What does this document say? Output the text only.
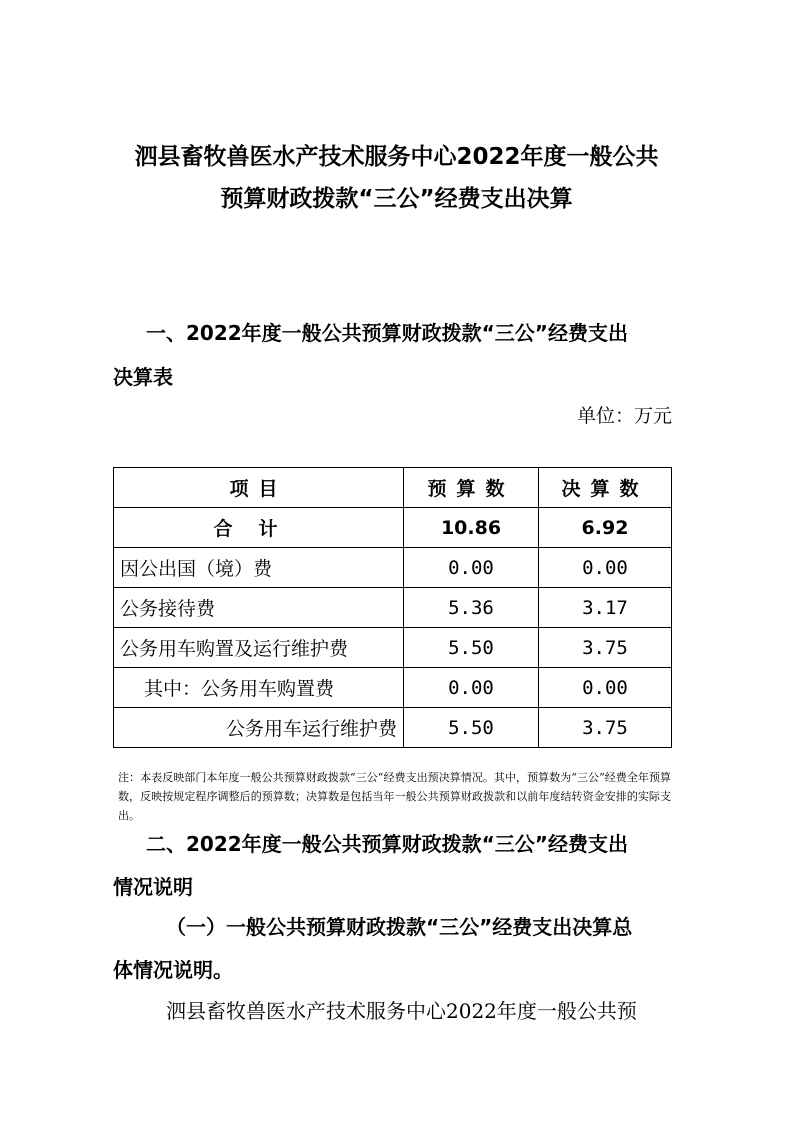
泗县畜牧兽医水产技术服务中心2022年度一般公共
预算财政拨款“三公”经费支出决算
一、2022年度一般公共预算财政拨款“三公”经费支出
决算表
单位：万元
项目	预算数	决算数
合计	10.86	6.92
因公出国（境）费	0.00	0.00
公务接待费	5.36	3.17
公务用车购置及运行维护费	5.50	3.75
其中：公务用车购置费	0.00	0.00
公务用车运行维护费	5.50	3.75
注：本表反映部门本年度一般公共预算财政拨款“三公”经费支出预决算情况。其中，预算数为“三公”经费全年预算数，反映按规定程序调整后的预算数；决算数是包括当年一般公共预算财政拨款和以前年度结转资金安排的实际支出。
二、2022年度一般公共预算财政拨款“三公”经费支出
情况说明
（一）一般公共预算财政拨款“三公”经费支出决算总
体情况说明。
泗县畜牧兽医水产技术服务中心2022年度一般公共预
